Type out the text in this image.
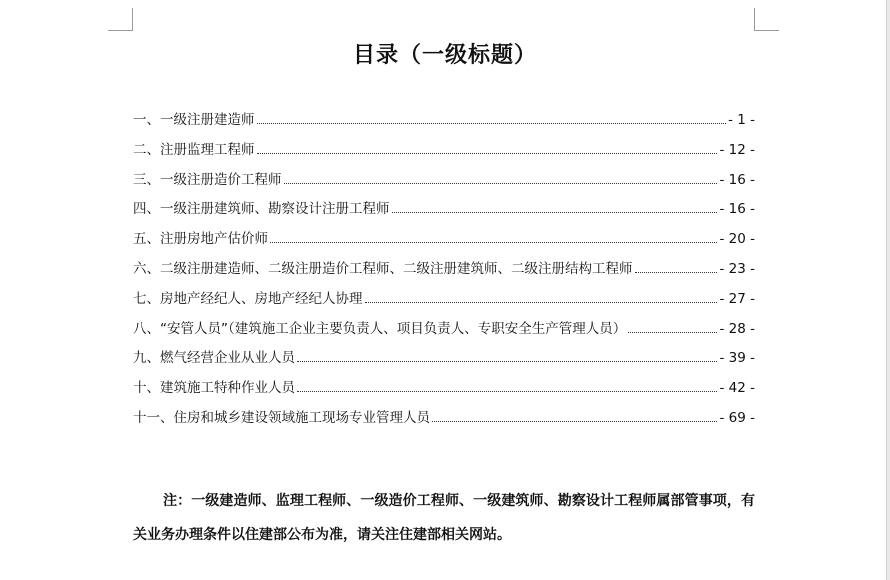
目录（一级标题）
一、一级注册建造师	- 1 -
二、注册监理工程师	- 12 -
三、一级注册造价工程师	- 16 -
四、一级注册建筑师、勘察设计注册工程师	- 16 -
五、注册房地产估价师	- 20 -
六、二级注册建造师、二级注册造价工程师、二级注册建筑师、二级注册结构工程师	- 23 -
七、房地产经纪人、房地产经纪人协理	- 27 -
八、“安管人员”（建筑施工企业主要负责人、项目负责人、专职安全生产管理人员）	- 28 -
九、燃气经营企业从业人员	- 39 -
十、建筑施工特种作业人员	- 42 -
十一、住房和城乡建设领域施工现场专业管理人员	- 69 -

注：一级建造师、监理工程师、一级造价工程师、一级建筑师、勘察设计工程师属部管事项，有关业务办理条件以住建部公布为准，请关注住建部相关网站。
